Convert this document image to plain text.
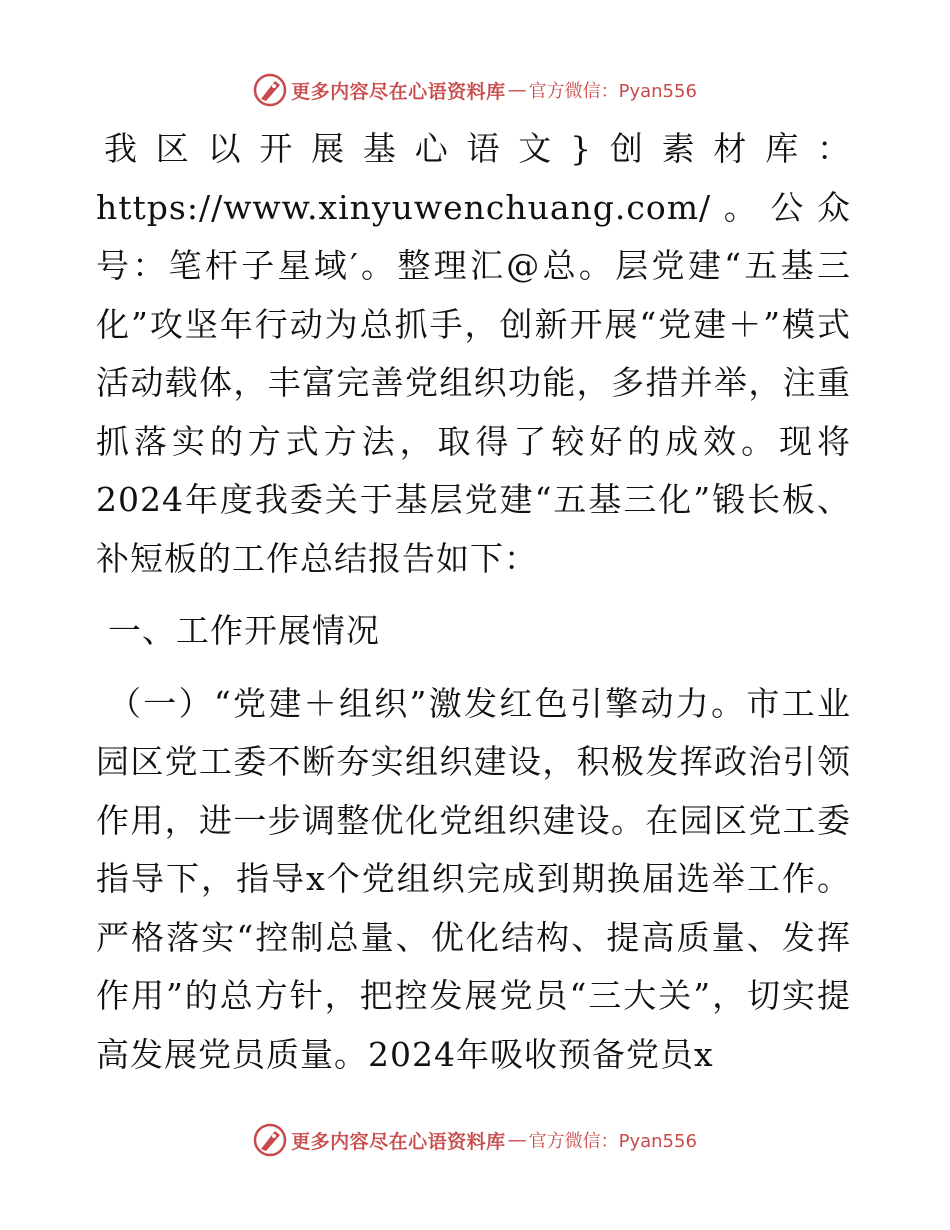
更多内容尽在心语资料库 — 官方微信：Pyan556

我区以开展基心语文}创素材库：https://www.xinyuwenchuang.com/。公众号：笔杆子星域′。整理汇@总。层党建“五基三化”攻坚年行动为总抓手，创新开展“党建＋”模式活动载体，丰富完善党组织功能，多措并举，注重抓落实的方式方法，取得了较好的成效。现将2024年度我委关于基层党建“五基三化”锻长板、补短板的工作总结报告如下：

一、工作开展情况

（一）“党建＋组织”激发红色引擎动力。市工业园区党工委不断夯实组织建设，积极发挥政治引领作用，进一步调整优化党组织建设。在园区党工委指导下，指导x个党组织完成到期换届选举工作。严格落实“控制总量、优化结构、提高质量、发挥作用”的总方针，把控发展党员“三大关”，切实提高发展党员质量。2024年吸收预备党员x

更多内容尽在心语资料库 — 官方微信：Pyan556
